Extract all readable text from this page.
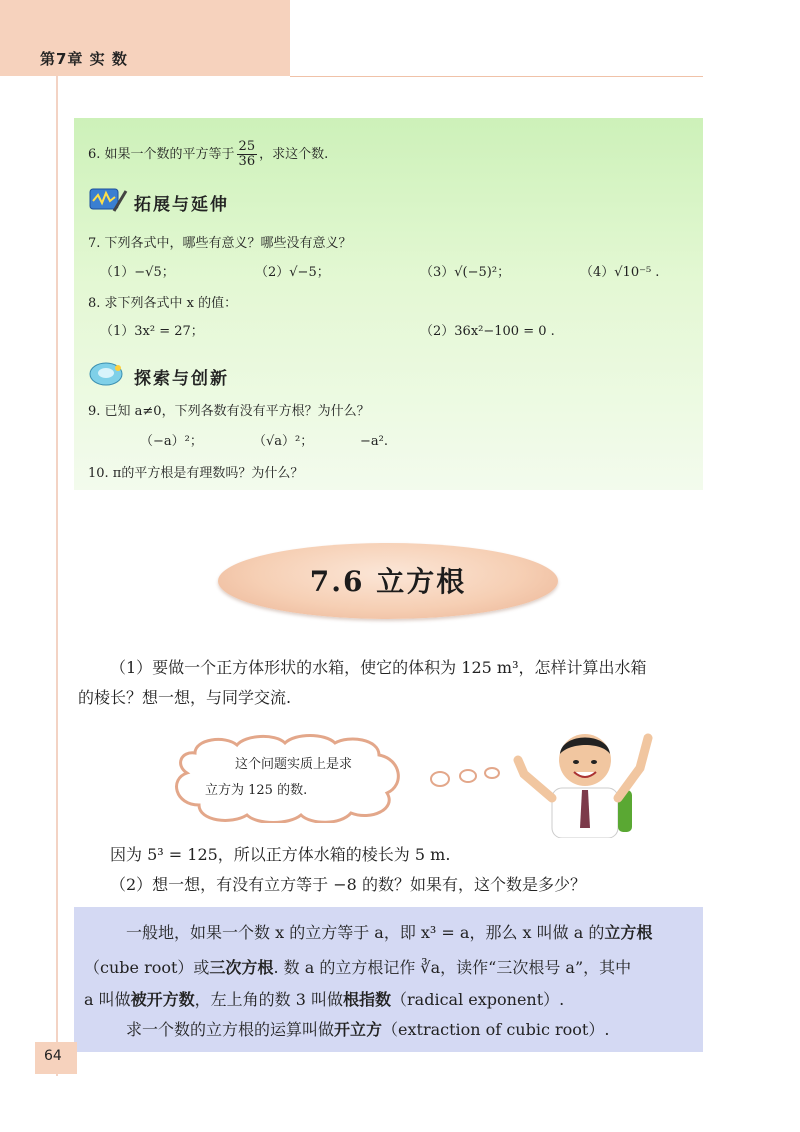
第7章 实 数
6. 如果一个数的平方等于 $\frac{25}{36}$ ，求这个数.
拓展与延伸
7. 下列各式中，哪些有意义？哪些没有意义？
（1）−√5；	（2）√−5；	（3）√(−5)²；	（4）√10⁻⁵ .
8. 求下列各式中 x 的值：
（1）3x² = 27；	（2）36x²−100 = 0 .
探索与创新
9. 已知 a≠0，下列各数有没有平方根？为什么？
（−a）²；	（√a）²；	−a².
10. π的平方根是有理数吗？为什么？
7.6 立方根
（1）要做一个正方体形状的水箱，使它的体积为 125 m³，怎样计算出水箱
的棱长？想一想，与同学交流.
这个问题实质上是求
立方为 125 的数.
因为 5³ = 125，所以正方体水箱的棱长为 5 m.
（2）想一想，有没有立方等于 −8 的数？如果有，这个数是多少？
一般地，如果一个数 x 的立方等于 a，即 x³ = a，那么 x 叫做 a 的立方根
（cube root）或三次方根. 数 a 的立方根记作 ∛a，读作“三次根号 a”，其中
a 叫做被开方数，左上角的数 3 叫做根指数（radical exponent）.
求一个数的立方根的运算叫做开立方（extraction of cubic root）.
64
